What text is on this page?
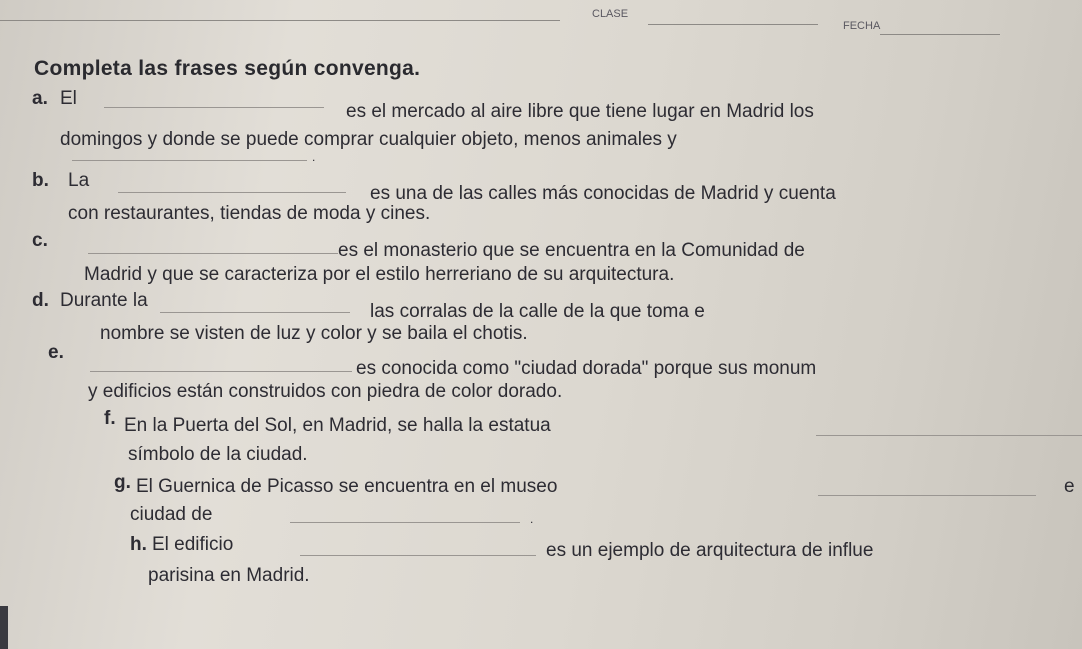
CLASE
FECHA
Completa las frases según convenga.
a. El
es el mercado al aire libre que tiene lugar en Madrid los
domingos y donde se puede comprar cualquier objeto, menos animales y
.
b. La
es una de las calles más conocidas de Madrid y cuenta
con restaurantes, tiendas de moda y cines.
c.	es el monasterio que se encuentra en la Comunidad de
Madrid y que se caracteriza por el estilo herreriano de su arquitectura.
d. Durante la
las corralas de la calle de la que toma e
nombre se visten de luz y color y se baila el chotis.
e.
es conocida como "ciudad dorada" porque sus monum
y edificios están construidos con piedra de color dorado.
f. En la Puerta del Sol, en Madrid, se halla la estatua
símbolo de la ciudad.
g. El Guernica de Picasso se encuentra en el museo	e
ciudad de	.
h. El edificio	es un ejemplo de arquitectura de influe
parisina en Madrid.
